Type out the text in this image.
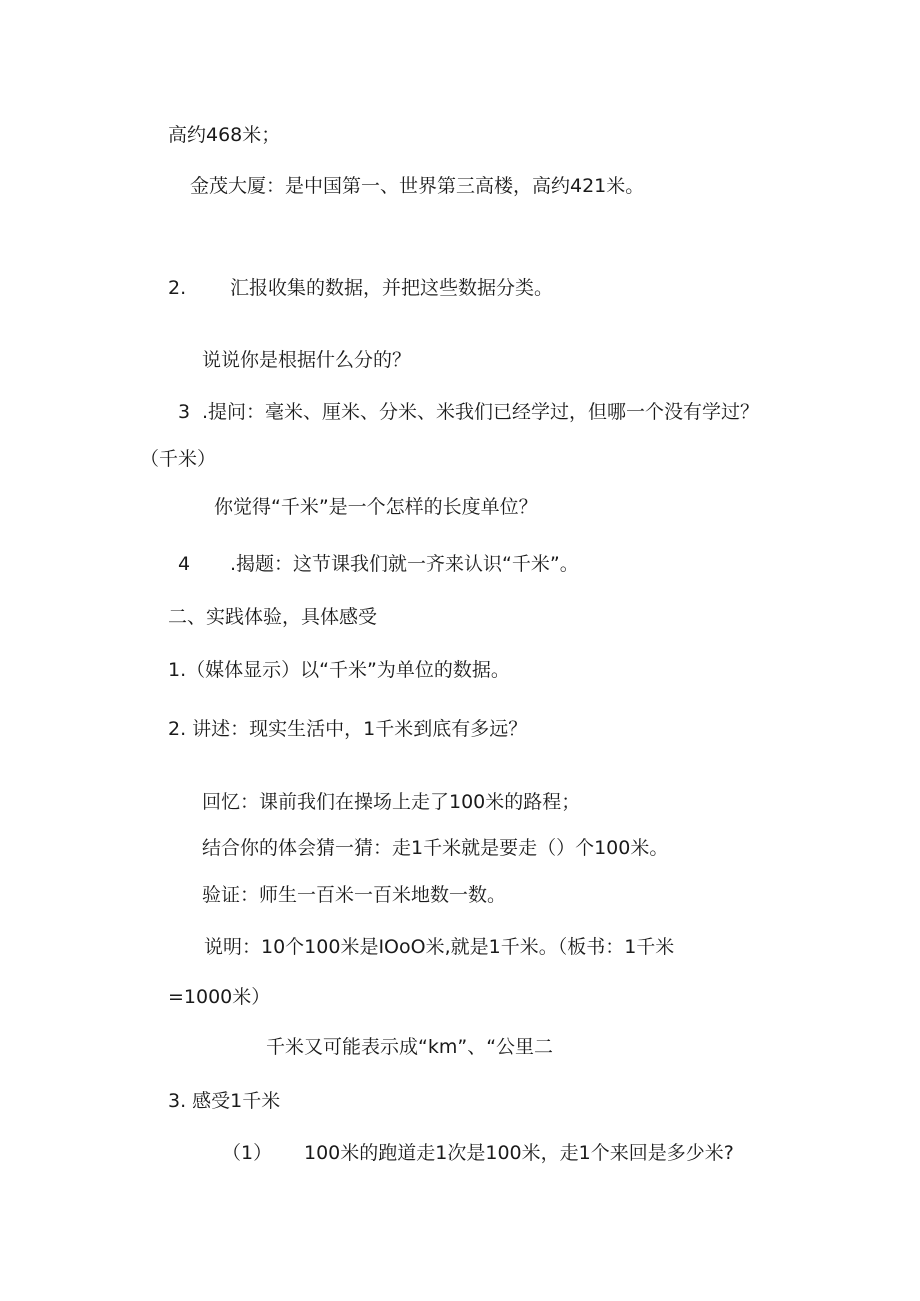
高约468米；
金茂大厦：是中国第一、世界第三高楼，高约421米。
2. 汇报收集的数据，并把这些数据分类。
说说你是根据什么分的？
3 .提问：毫米、厘米、分米、米我们已经学过，但哪一个没有学过？
（千米）
你觉得“千米”是一个怎样的长度单位？
4 .揭题：这节课我们就一齐来认识“千米”。
二、实践体验，具体感受
1.（媒体显示）以“千米”为单位的数据。
2. 讲述：现实生活中，1千米到底有多远？
回忆：课前我们在操场上走了100米的路程；
结合你的体会猜一猜：走1千米就是要走（）个100米。
验证：师生一百米一百米地数一数。
说明：10个100米是IOoO米,就是1千米。（板书：1千米
=1000米）
千米又可能表示成“km”、“公里二
3. 感受1千米
（1） 100米的跑道走1次是100米，走1个来回是多少米?
